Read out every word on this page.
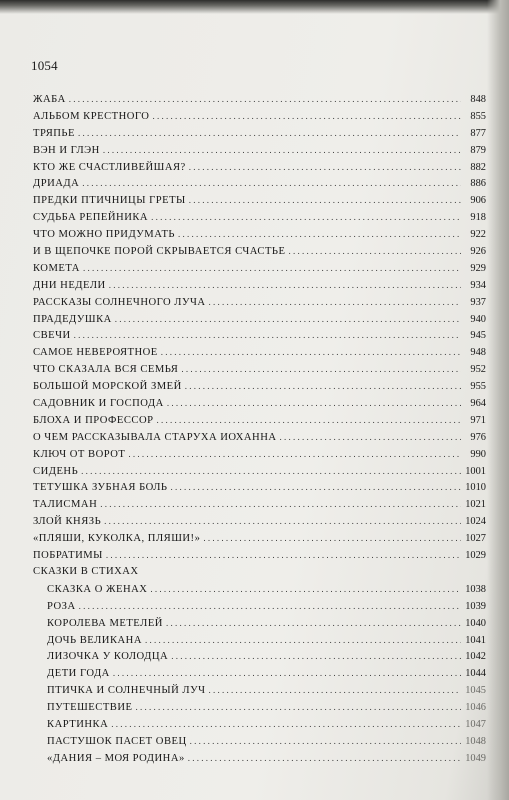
1054
ЖАБА . . .	848
АЛЬБОМ КРЕСТНОГО . . .	855
ТРЯПЬЕ . . .	877
ВЭН И ГЛЭН . . .	879
КТО ЖЕ СЧАСТЛИВЕЙШАЯ? . . .	882
ДРИАДА . . .	886
ПРЕДКИ ПТИЧНИЦЫ ГРЕТЫ . . .	906
СУДЬБА РЕПЕЙНИКА . . .	918
ЧТО МОЖНО ПРИДУМАТЬ . . .	922
И В ЩЕПОЧКЕ ПОРОЙ СКРЫВАЕТСЯ СЧАСТЬЕ . . .	926
КОМЕТА . . .	929
ДНИ НЕДЕЛИ . . .	934
РАССКАЗЫ СОЛНЕЧНОГО ЛУЧА . . .	937
ПРАДЕДУШКА . . .	940
СВЕЧИ . . .	945
САМОЕ НЕВЕРОЯТНОЕ . . .	948
ЧТО СКАЗАЛА ВСЯ СЕМЬЯ . . .	952
БОЛЬШОЙ МОРСКОЙ ЗМЕЙ . . .	955
САДОВНИК И ГОСПОДА . . .	964
БЛОХА И ПРОФЕССОР . . .	971
О ЧЕМ РАССКАЗЫВАЛА СТАРУХА ИОХАННА . . .	976
КЛЮЧ ОТ ВОРОТ . . .	990
СИДЕНЬ . . .	1001
ТЕТУШКА ЗУБНАЯ БОЛЬ . . .	1010
ТАЛИСМАН . . .	1021
ЗЛОЙ КНЯЗЬ . . .	1024
«ПЛЯШИ, КУКОЛКА, ПЛЯШИ!» . . .	1027
ПОБРАТИМЫ . . .	1029
СКАЗКИ В СТИХАХ
СКАЗКА О ЖЕНАХ . . .	1038
РОЗА . . .	1039
КОРОЛЕВА МЕТЕЛЕЙ . . .	1040
ДОЧЬ ВЕЛИКАНА . . .	1041
ЛИЗОЧКА У КОЛОДЦА . . .	1042
ДЕТИ ГОДА . . .	1044
ПТИЧКА И СОЛНЕЧНЫЙ ЛУЧ . . .	1045
ПУТЕШЕСТВИЕ . . .	1046
КАРТИНКА . . .	1047
ПАСТУШОК ПАСЕТ ОВЕЦ . . .	1048
«ДАНИЯ – МОЯ РОДИНА» . . .	1049
